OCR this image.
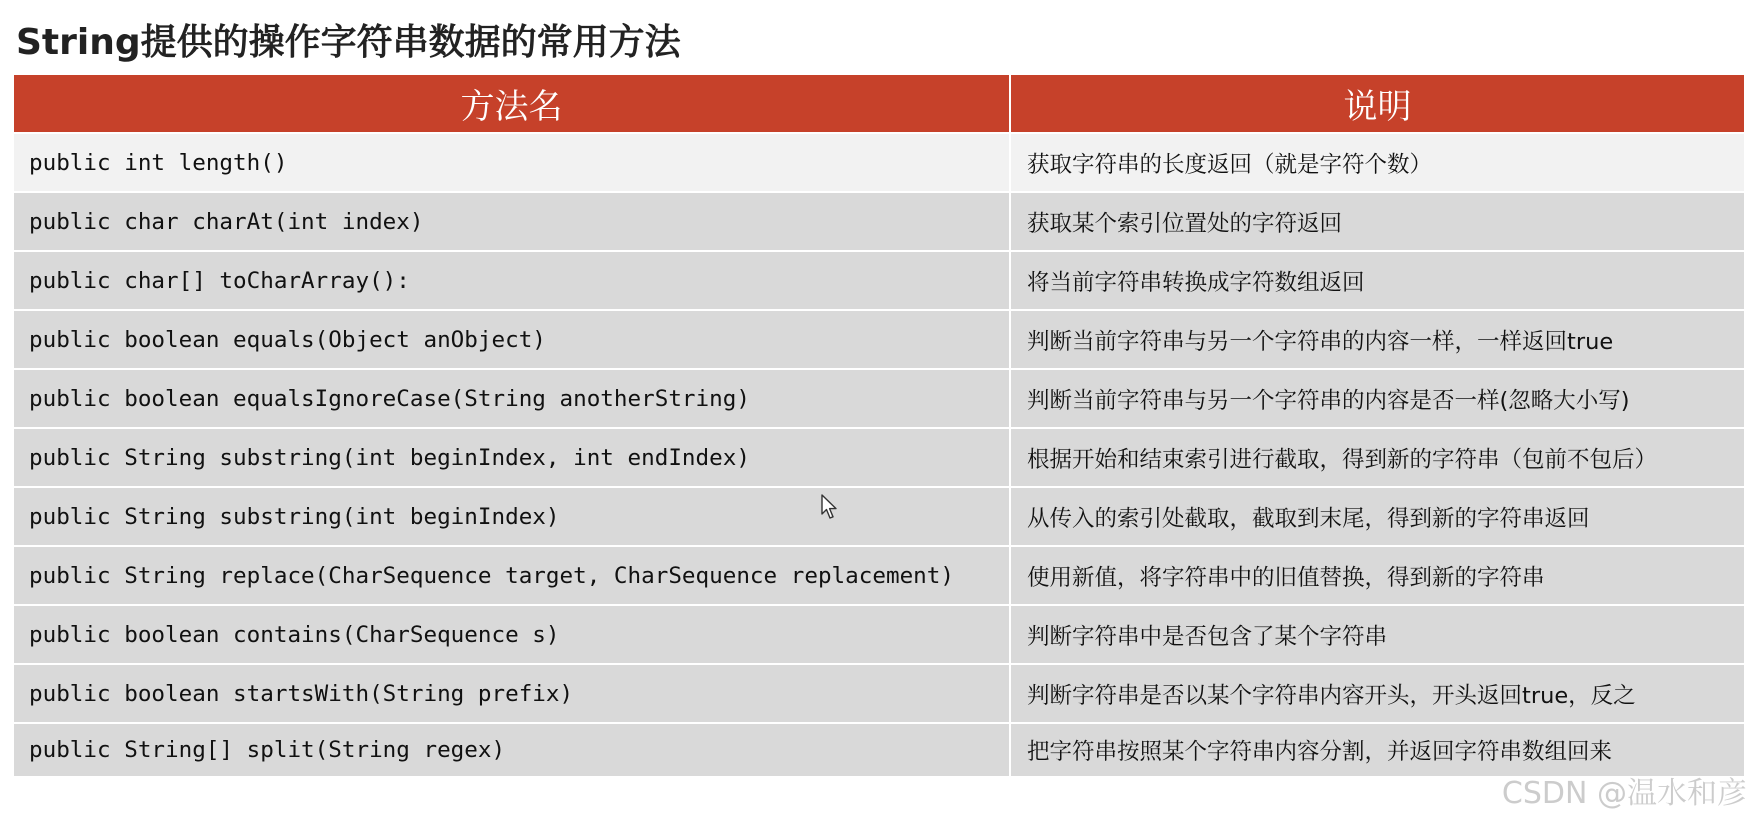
String提供的操作字符串数据的常用方法
方法名	说明
public int length()	获取字符串的长度返回（就是字符个数）
public char charAt(int index)	获取某个索引位置处的字符返回
public char[] toCharArray():	将当前字符串转换成字符数组返回
public boolean equals(Object anObject)	判断当前字符串与另一个字符串的内容一样，一样返回true
public boolean equalsIgnoreCase(String anotherString)	判断当前字符串与另一个字符串的内容是否一样(忽略大小写)
public String substring(int beginIndex, int endIndex)	根据开始和结束索引进行截取，得到新的字符串（包前不包后）
public String substring(int beginIndex)	从传入的索引处截取，截取到末尾，得到新的字符串返回
public String replace(CharSequence target, CharSequence replacement)	使用新值，将字符串中的旧值替换，得到新的字符串
public boolean contains(CharSequence s)	判断字符串中是否包含了某个字符串
public boolean startsWith(String prefix)	判断字符串是否以某个字符串内容开头，开头返回true，反之
public String[] split(String regex)	把字符串按照某个字符串内容分割，并返回字符串数组回来
CSDN @温水和彦
